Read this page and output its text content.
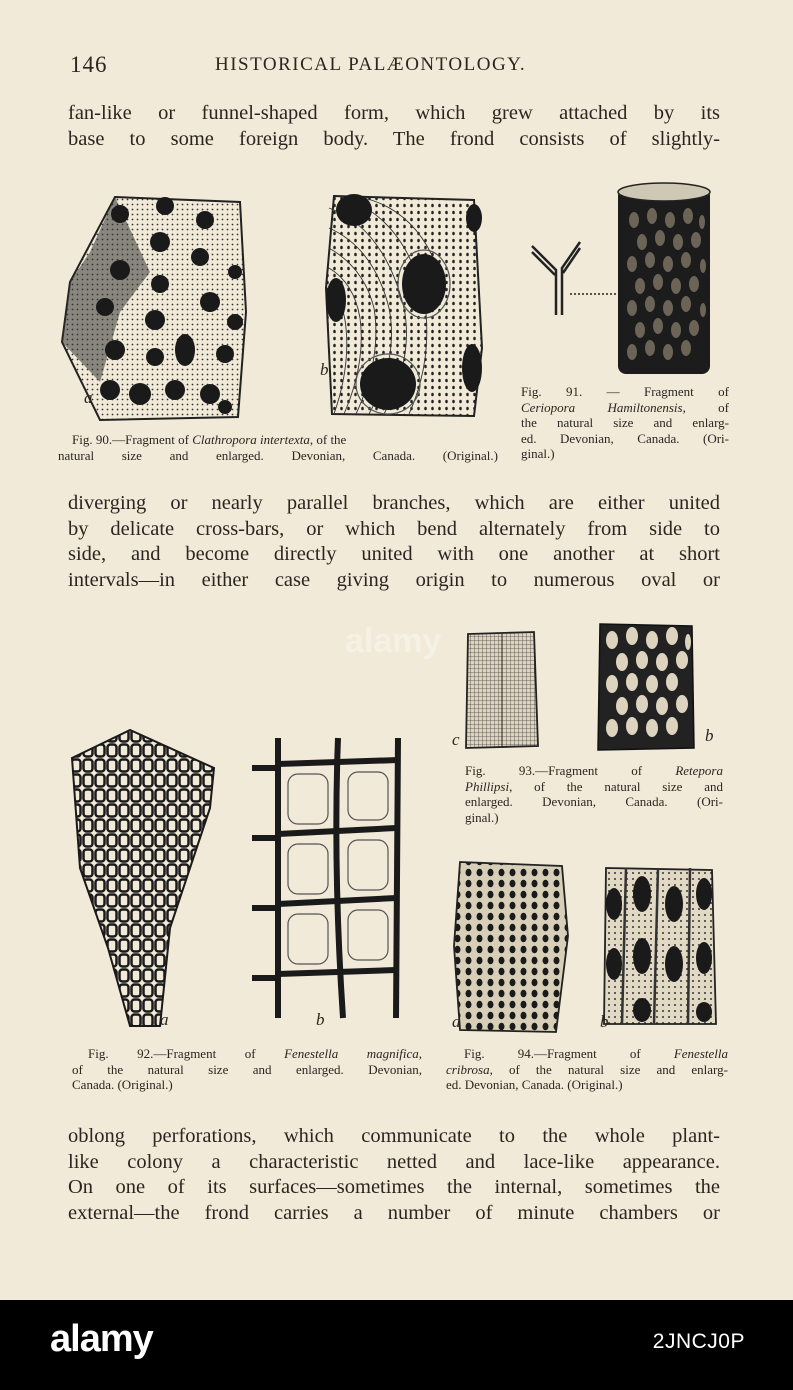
146	HISTORICAL PALÆONTOLOGY.

fan-like or funnel-shaped form, which grew attached by its
base to some foreign body. The frond consists of slightly-

a
b

Fig. 91. — Fragment of
Ceriopora Hamiltonensis, of
the natural size and enlarg-
ed. Devonian, Canada. (Ori-
ginal.)

Fig. 90.—Fragment of Clathropora intertexta, of the
natural size and enlarged. Devonian, Canada. (Original.)

diverging or nearly parallel branches, which are either united
by delicate cross-bars, or which bend alternately from side to
side, and become directly united with one another at short
intervals—in either case giving origin to numerous oval or

alamy
c	b

Fig. 93.—Fragment of Retepora
Phillipsi, of the natural size and
enlarged. Devonian, Canada. (Ori-
ginal.)

a	b	a	b

Fig. 92.—Fragment of Fenestella magnifica,
of the natural size and enlarged. Devonian,
Canada. (Original.)

Fig. 94.—Fragment of Fenestella
cribrosa, of the natural size and enlarg-
ed. Devonian, Canada. (Original.)

oblong perforations, which communicate to the whole plant-
like colony a characteristic netted and lace-like appearance.
On one of its surfaces—sometimes the internal, sometimes the
external—the frond carries a number of minute chambers or

alamy	2JNCJ0P
